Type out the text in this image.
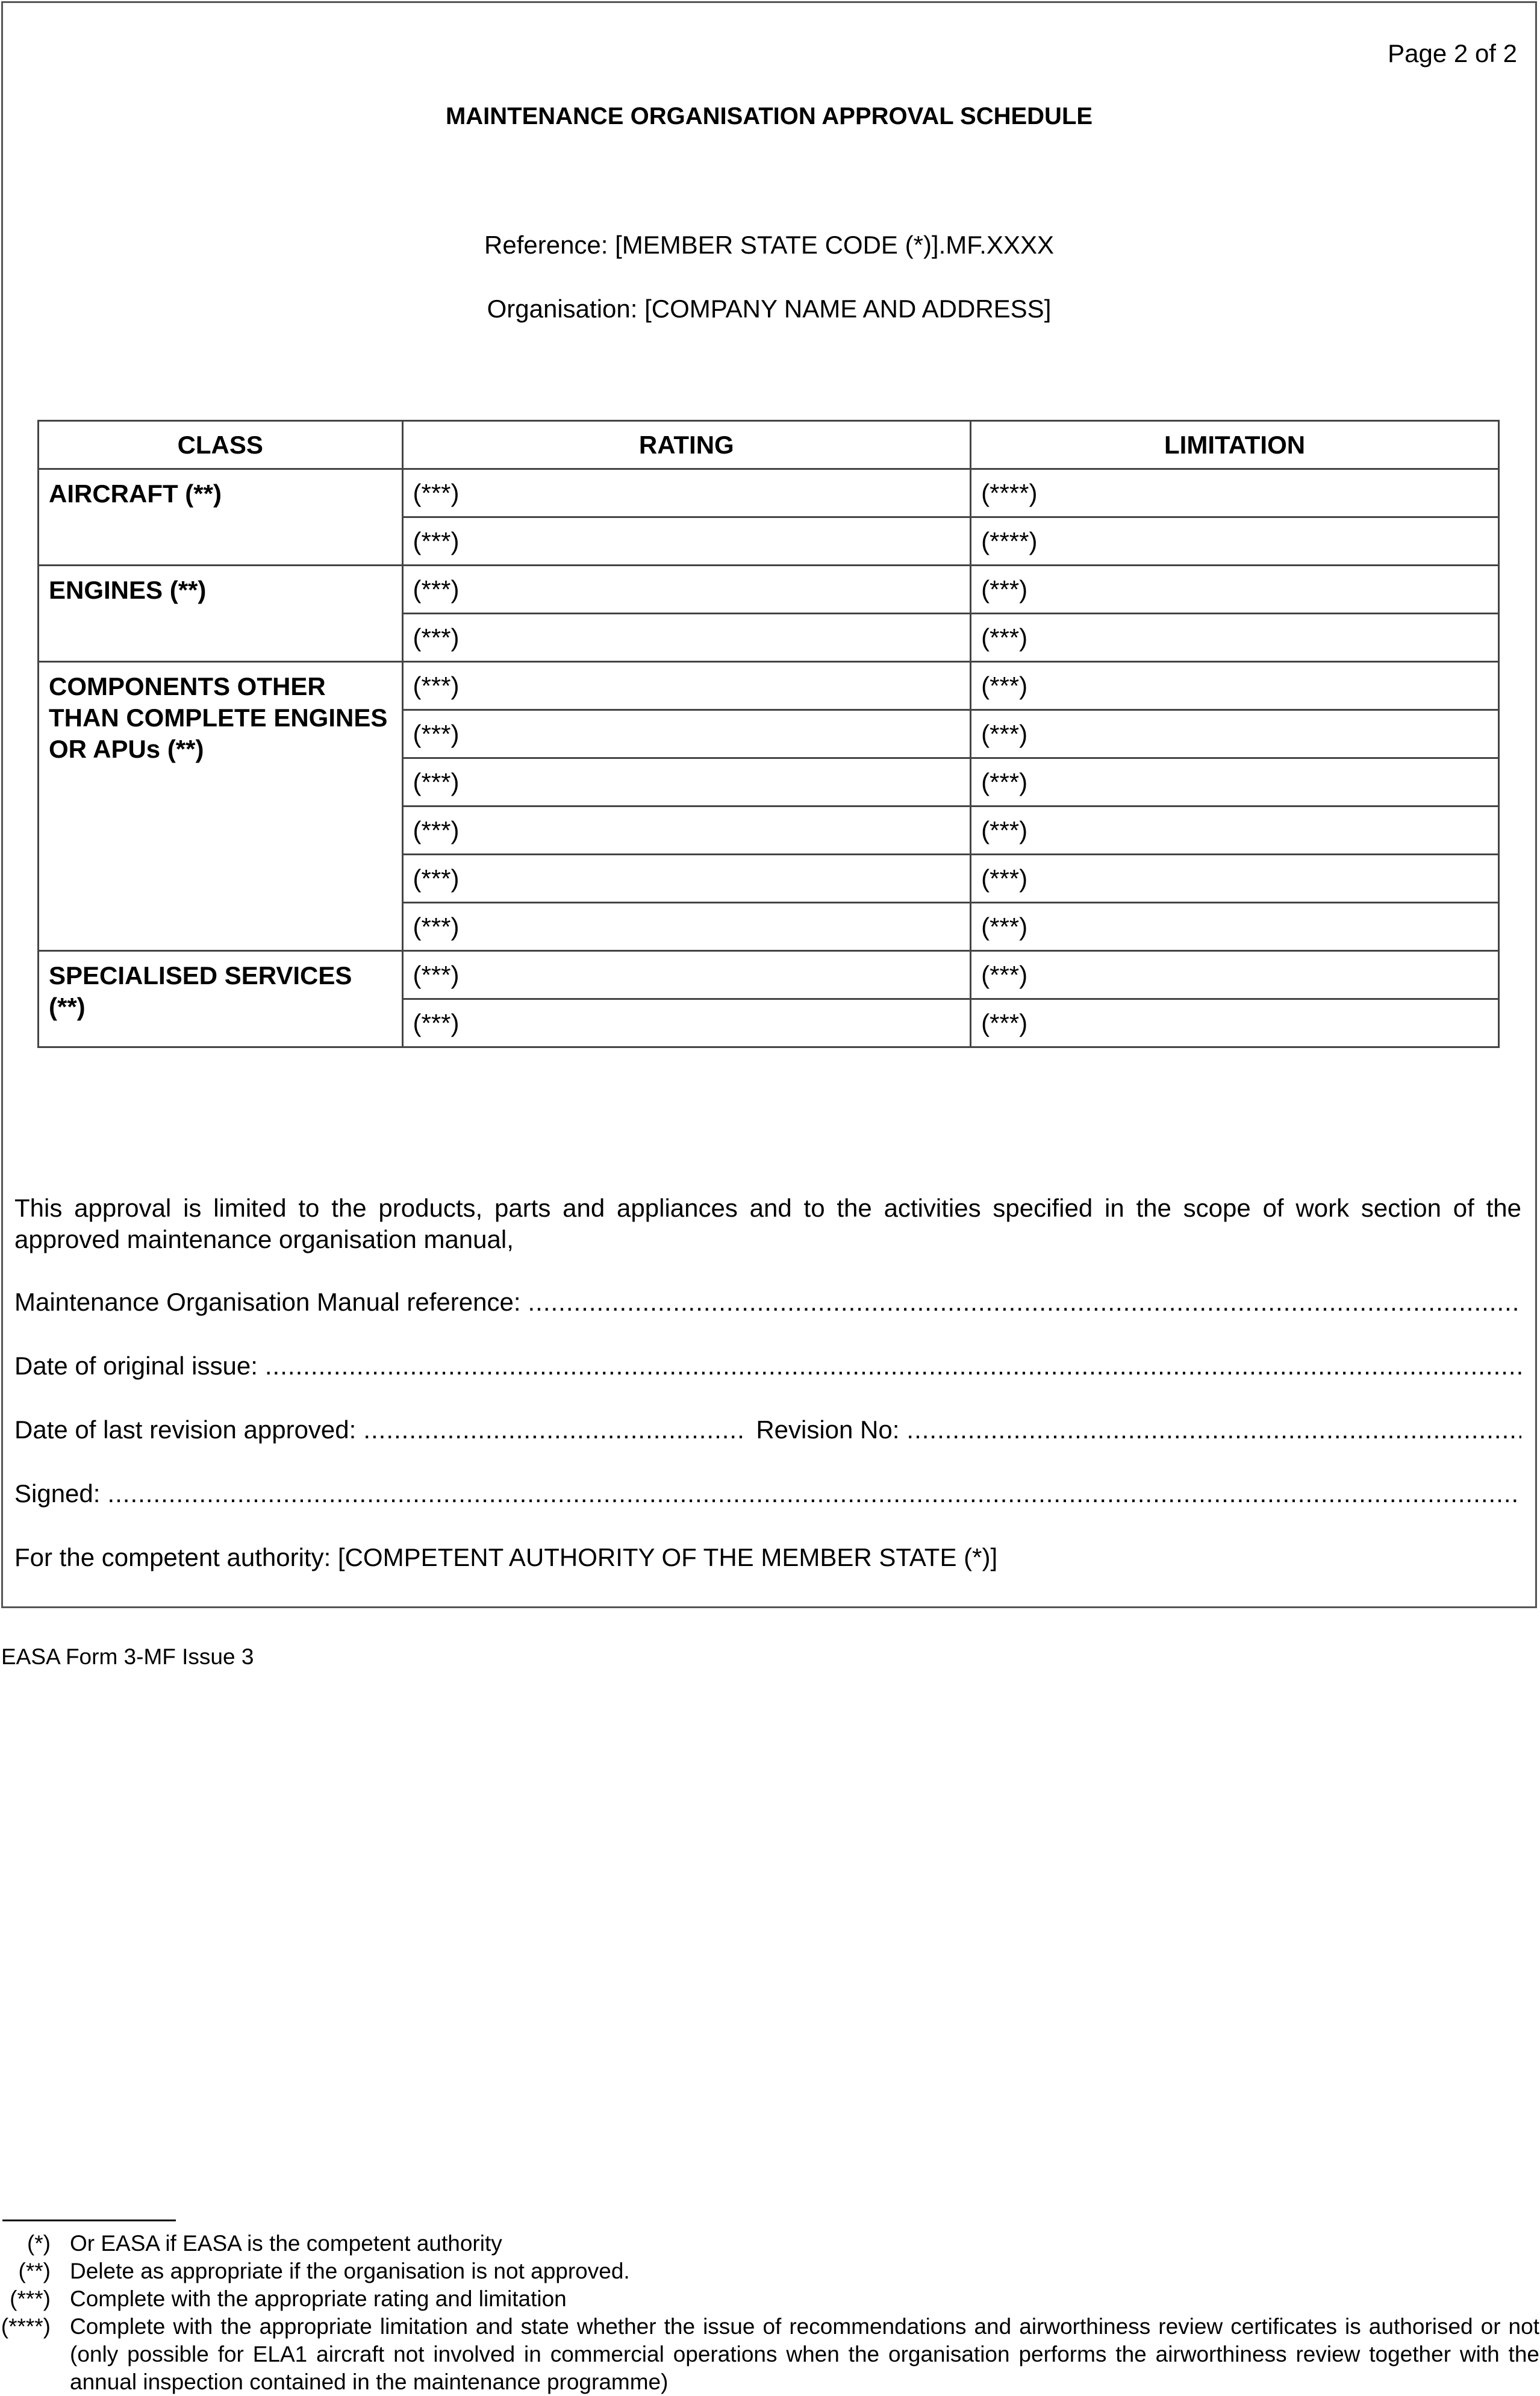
Page 2 of 2
MAINTENANCE ORGANISATION APPROVAL SCHEDULE
Reference: [MEMBER STATE CODE (*)].MF.XXXX
Organisation: [COMPANY NAME AND ADDRESS]
CLASS	RATING	LIMITATION
AIRCRAFT (**)	(***)	(****)
	(***)	(****)
ENGINES (**)	(***)	(***)
	(***)	(***)
COMPONENTS OTHER THAN COMPLETE ENGINES OR APUs (**)	(***)	(***)
	(***)	(***)
	(***)	(***)
	(***)	(***)
	(***)	(***)
	(***)	(***)
SPECIALISED SERVICES (**)	(***)	(***)
	(***)	(***)
This approval is limited to the products, parts and appliances and to the activities specified in the scope of work section of the approved maintenance organisation manual,
Maintenance Organisation Manual reference:
.....
Date of original issue:
.....
Date of last revision approved: .....	Revision No:
.....
Signed:
.....
For the competent authority: [COMPETENT AUTHORITY OF THE MEMBER STATE (*)]
EASA Form 3-MF Issue 3
(*) Or EASA if EASA is the competent authority
(**) Delete as appropriate if the organisation is not approved.
(***) Complete with the appropriate rating and limitation
(****) Complete with the appropriate limitation and state whether the issue of recommendations and airworthiness review certificates is authorised or not (only possible for ELA1 aircraft not involved in commercial operations when the organisation performs the airworthiness review together with the annual inspection contained in the maintenance programme)
